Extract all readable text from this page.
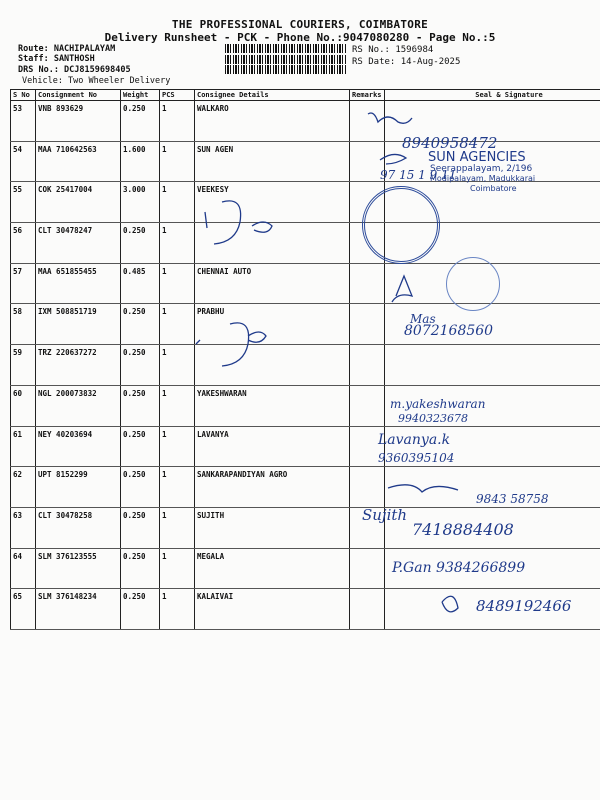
THE PROFESSIONAL COURIERS, COIMBATORE
Delivery Runsheet - PCK - Phone No.:9047080280 - Page No.:5
Route: NACHIPALAYAM
Staff: SANTHOSH
DRS No.: DCJ8159698405
Vehicle: Two Wheeler Delivery
RS No.: 1596984
RS Date: 14-Aug-2025
S No	Consignment No	Weight	PCS	Consignee Details	Remarks	Seal & Signature
53	VNB 893629	0.250	1	WALKARO		
54	MAA 710642563	1.600	1	SUN AGEN		
55	COK 25417004	3.000	1	VEEKESY		
56	CLT 30478247	0.250	1			
57	MAA 651855455	0.485	1	CHENNAI AUTO		
58	IXM 508851719	0.250	1	PRABHU		
59	TRZ 220637272	0.250	1			
60	NGL 200073832	0.250	1	YAKESHWARAN		
61	NEY 40203694	0.250	1	LAVANYA		
62	UPT 8152299	0.250	1	SANKARAPANDIYAN AGRO		
63	CLT 30478258	0.250	1	SUJITH		
64	SLM 376123555	0.250	1	MEGALA		
65	SLM 376148234	0.250	1	KALAIVAI		
8940958472
97 15 1 9 11
SUN AGENCIES
Seerappalayam, 2/196
Modipalayam, Madukkarai
Coimbatore
Mas
8072168560
m.yakeshwaran
9940323678
Lavanya.k
9360395104
9843 58758
Sujith
7418884408
P.Gan 9384266899
8489192466
